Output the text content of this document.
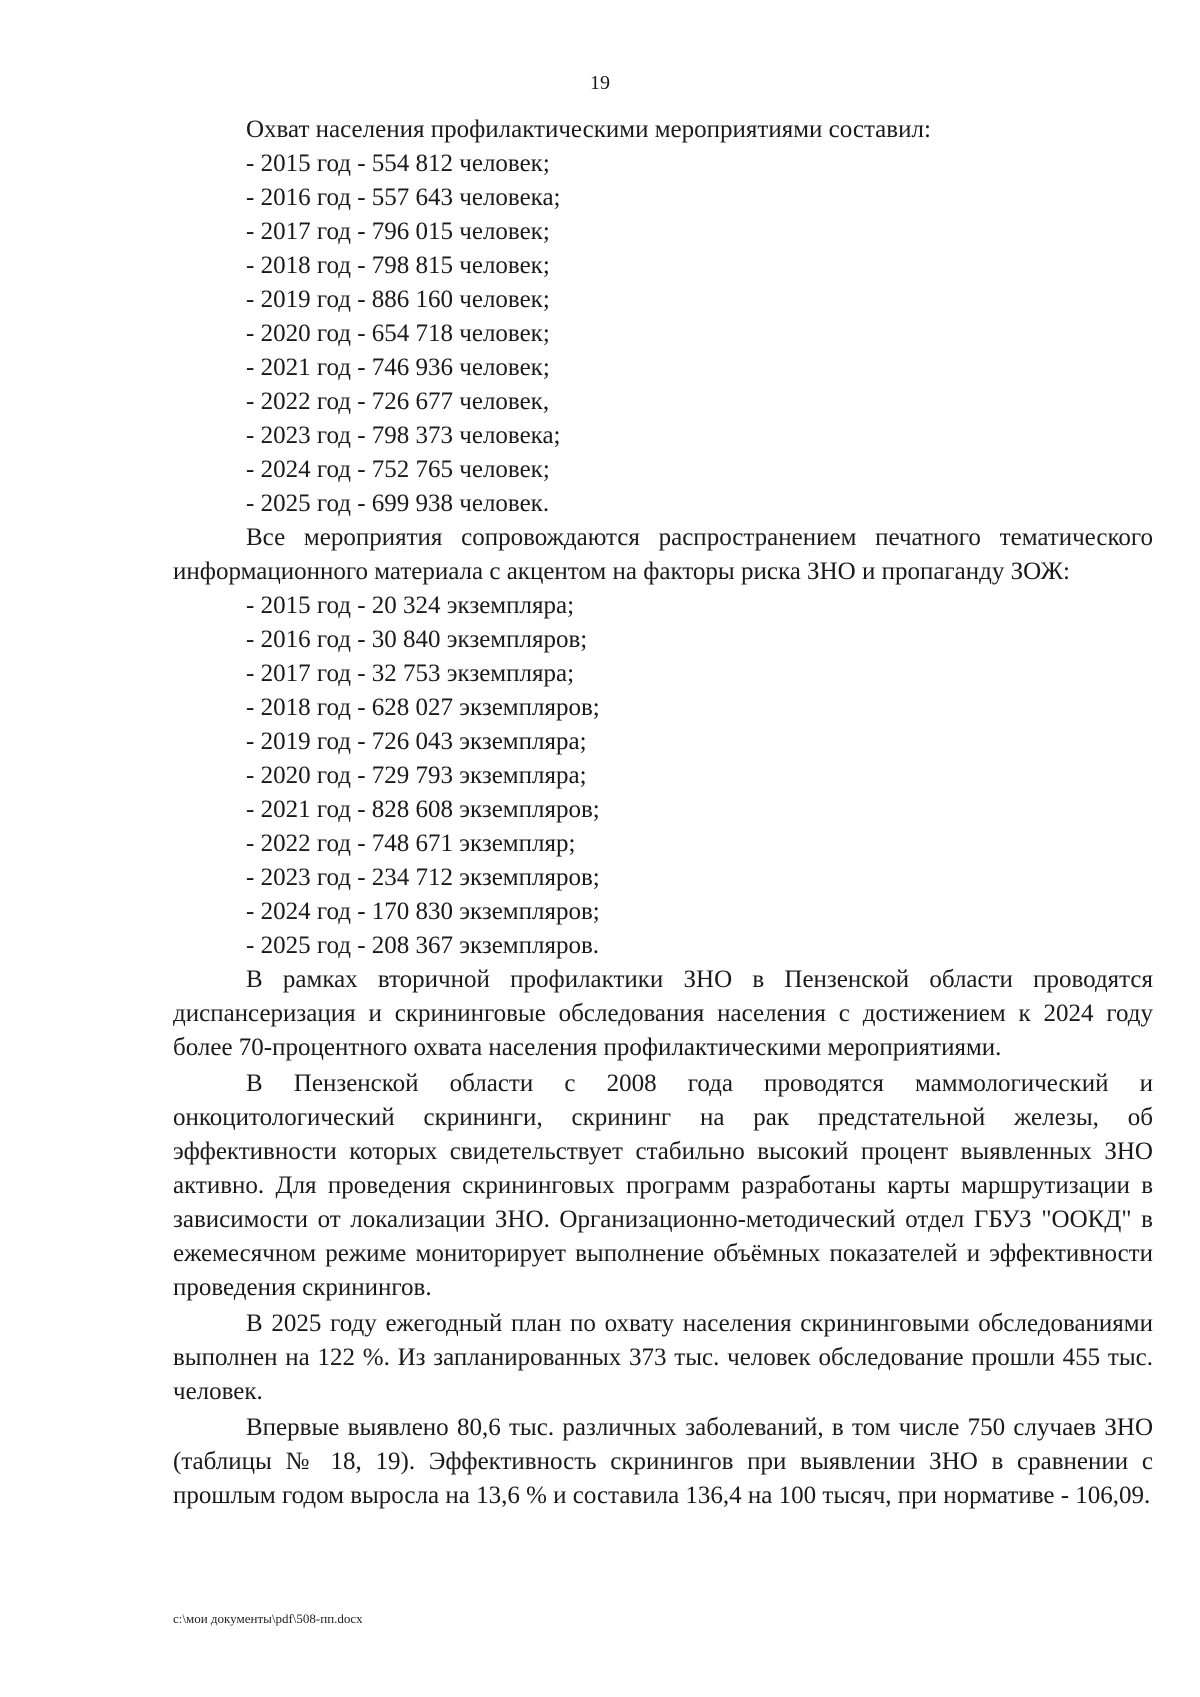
19

Охват населения профилактическими мероприятиями составил:

- 2015 год - 554 812 человек;
- 2016 год - 557 643 человека;
- 2017 год - 796 015 человек;
- 2018 год - 798 815 человек;
- 2019 год - 886 160 человек;
- 2020 год - 654 718 человек;
- 2021 год - 746 936 человек;
- 2022 год - 726 677 человек,
- 2023 год - 798 373 человека;
- 2024 год - 752 765 человек;
- 2025 год - 699 938 человек.

Все мероприятия сопровождаются распространением печатного тематического информационного материала с акцентом на факторы риска ЗНО и пропаганду ЗОЖ:

- 2015 год - 20 324 экземпляра;
- 2016 год - 30 840 экземпляров;
- 2017 год - 32 753 экземпляра;
- 2018 год - 628 027 экземпляров;
- 2019 год - 726 043 экземпляра;
- 2020 год - 729 793 экземпляра;
- 2021 год - 828 608 экземпляров;
- 2022 год - 748 671 экземпляр;
- 2023 год - 234 712 экземпляров;
- 2024 год - 170 830 экземпляров;
- 2025 год - 208 367 экземпляров.

В рамках вторичной профилактики ЗНО в Пензенской области проводятся диспансеризация и скрининговые обследования населения с достижением к 2024 году более 70-процентного охвата населения профилактическими мероприятиями.

В Пензенской области с 2008 года проводятся маммологический и онкоцитологический скрининги, скрининг на рак предстательной железы, об эффективности которых свидетельствует стабильно высокий процент выявленных ЗНО активно. Для проведения скрининговых программ разработаны карты маршрутизации в зависимости от локализации ЗНО. Организационно-методический отдел ГБУЗ "ООКД" в ежемесячном режиме мониторирует выполнение объёмных показателей и эффективности проведения скринингов.

В 2025 году ежегодный план по охвату населения скрининговыми обследованиями выполнен на 122 %. Из запланированных 373 тыс. человек обследование прошли 455 тыс. человек.

Впервые выявлено 80,6 тыс. различных заболеваний, в том числе 750 случаев ЗНО (таблицы № 18, 19). Эффективность скринингов при выявлении ЗНО в сравнении с прошлым годом выросла на 13,6 % и составила 136,4 на 100 тысяч, при нормативе - 106,09.

c:\мои документы\pdf\508-пп.docx
